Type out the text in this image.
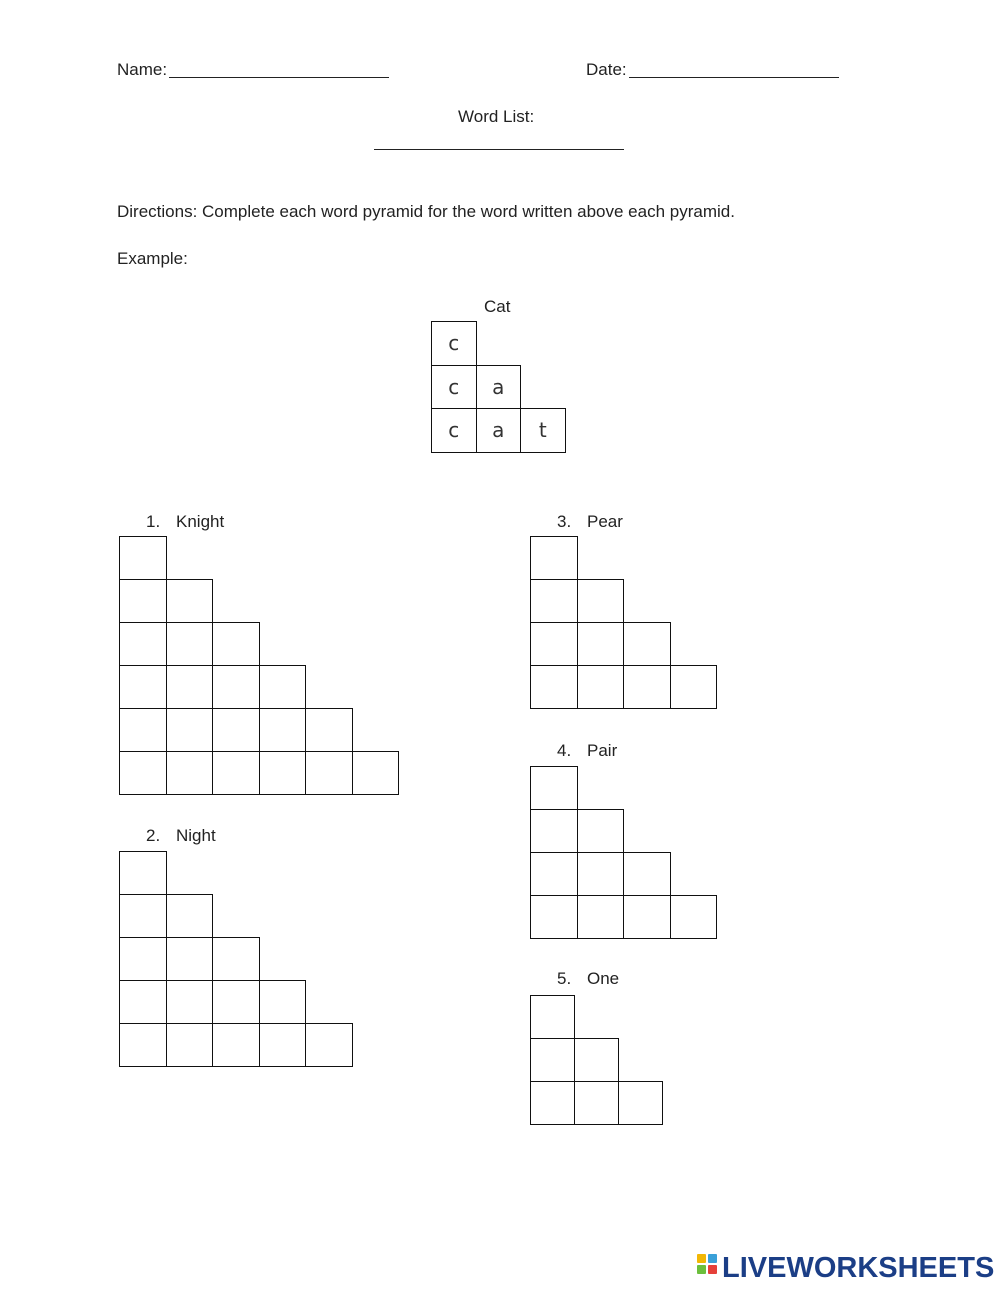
Name:	Date:
Word List:
Directions: Complete each word pyramid for the word written above each pyramid.
Example:
Cat
c
c	a
c	a	t
1. Knight
2. Night
3. Pear
4. Pair
5. One
LIVEWORKSHEETS
